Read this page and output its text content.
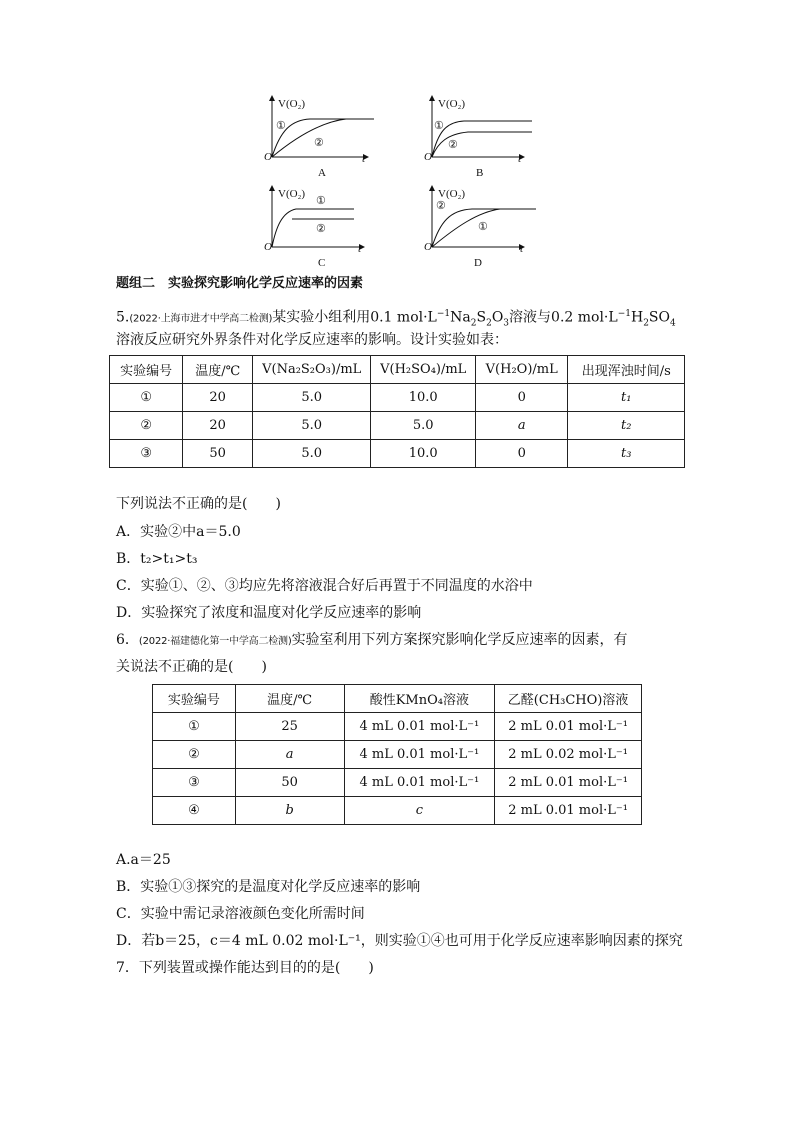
V(O₂)
t
O
①
②
A
V(O₂)
t
O
①
②
B
V(O₂)
t
O
①
②
C
V(O₂)
t
O
①
②
D
题组二　实验探究影响化学反应速率的因素
5.(2022·上海市进才中学高二检测)某实验小组利用0.1 $mol\cdot L^{-1}Na_2S_2O_3$溶液与0.2 $mol\cdot L^{-1}H_2SO_4$
溶液反应研究外界条件对化学反应速率的影响。设计实验如表：
实验编号	温度/℃	V(Na₂S₂O₃)/mL	V(H₂SO₄)/mL	V(H₂O)/mL	出现浑浊时间/s
①	20	5.0	10.0	0	t₁
②	20	5.0	5.0	a	t₂
③	50	5.0	10.0	0	t₃
下列说法不正确的是(　　)
A．实验②中a＝5.0
B．t₂>t₁>t₃
C．实验①、②、③均应先将溶液混合好后再置于不同温度的水浴中
D．实验探究了浓度和温度对化学反应速率的影响
6．(2022·福建德化第一中学高二检测)实验室利用下列方案探究影响化学反应速率的因素，有
关说法不正确的是(　　)
实验编号	温度/℃	酸性KMnO₄溶液	乙醛(CH₃CHO)溶液
①	25	4 mL 0.01 mol·L⁻¹	2 mL 0.01 mol·L⁻¹
②	a	4 mL 0.01 mol·L⁻¹	2 mL 0.02 mol·L⁻¹
③	50	4 mL 0.01 mol·L⁻¹	2 mL 0.01 mol·L⁻¹
④	b	c	2 mL 0.01 mol·L⁻¹
A.a＝25
B．实验①③探究的是温度对化学反应速率的影响
C．实验中需记录溶液颜色变化所需时间
D．若b＝25，c＝4 mL 0.02 mol·L⁻¹，则实验①④也可用于化学反应速率影响因素的探究
7．下列装置或操作能达到目的的是(　　)
